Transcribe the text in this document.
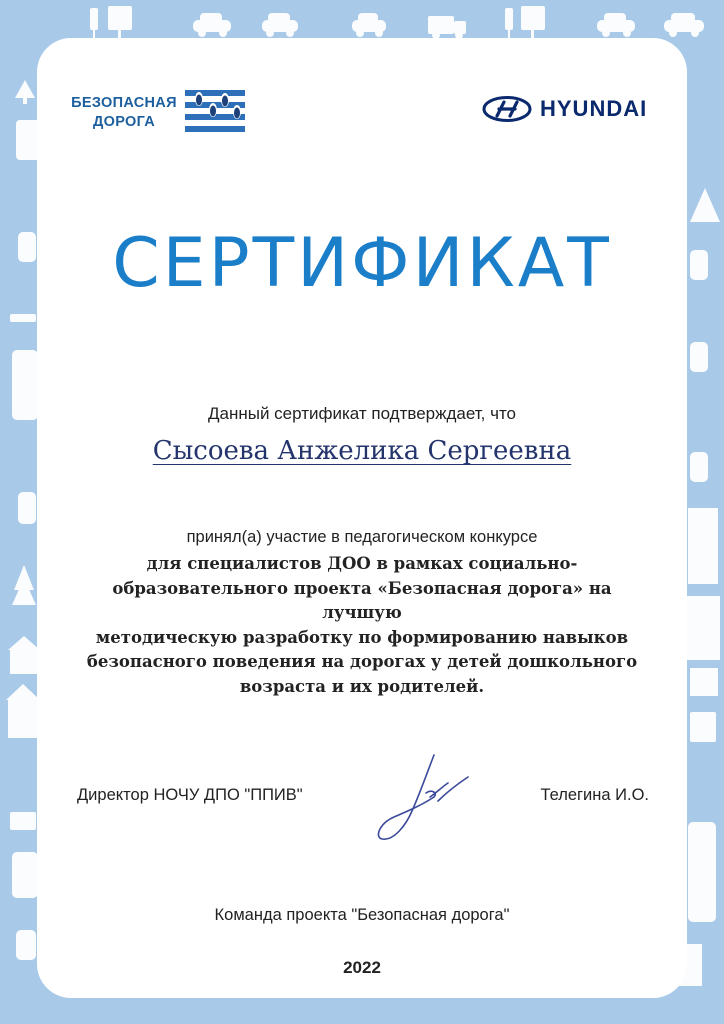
БЕЗОПАСНАЯ
ДОРОГА
HYUNDAI
СЕРТИФИКАТ
Данный сертификат подтверждает, что
Сысоева Анжелика Сергеевна
принял(а) участие в педагогическом конкурсе
для специалистов ДОО в рамках социально-
образовательного проекта «Безопасная дорога» на лучшую
методическую разработку по формированию навыков
безопасного поведения на дорогах у детей дошкольного
возраста и их родителей.
Директор НОЧУ ДПО "ППИВ"	Телегина И.О.
Команда проекта "Безопасная дорога"
2022
